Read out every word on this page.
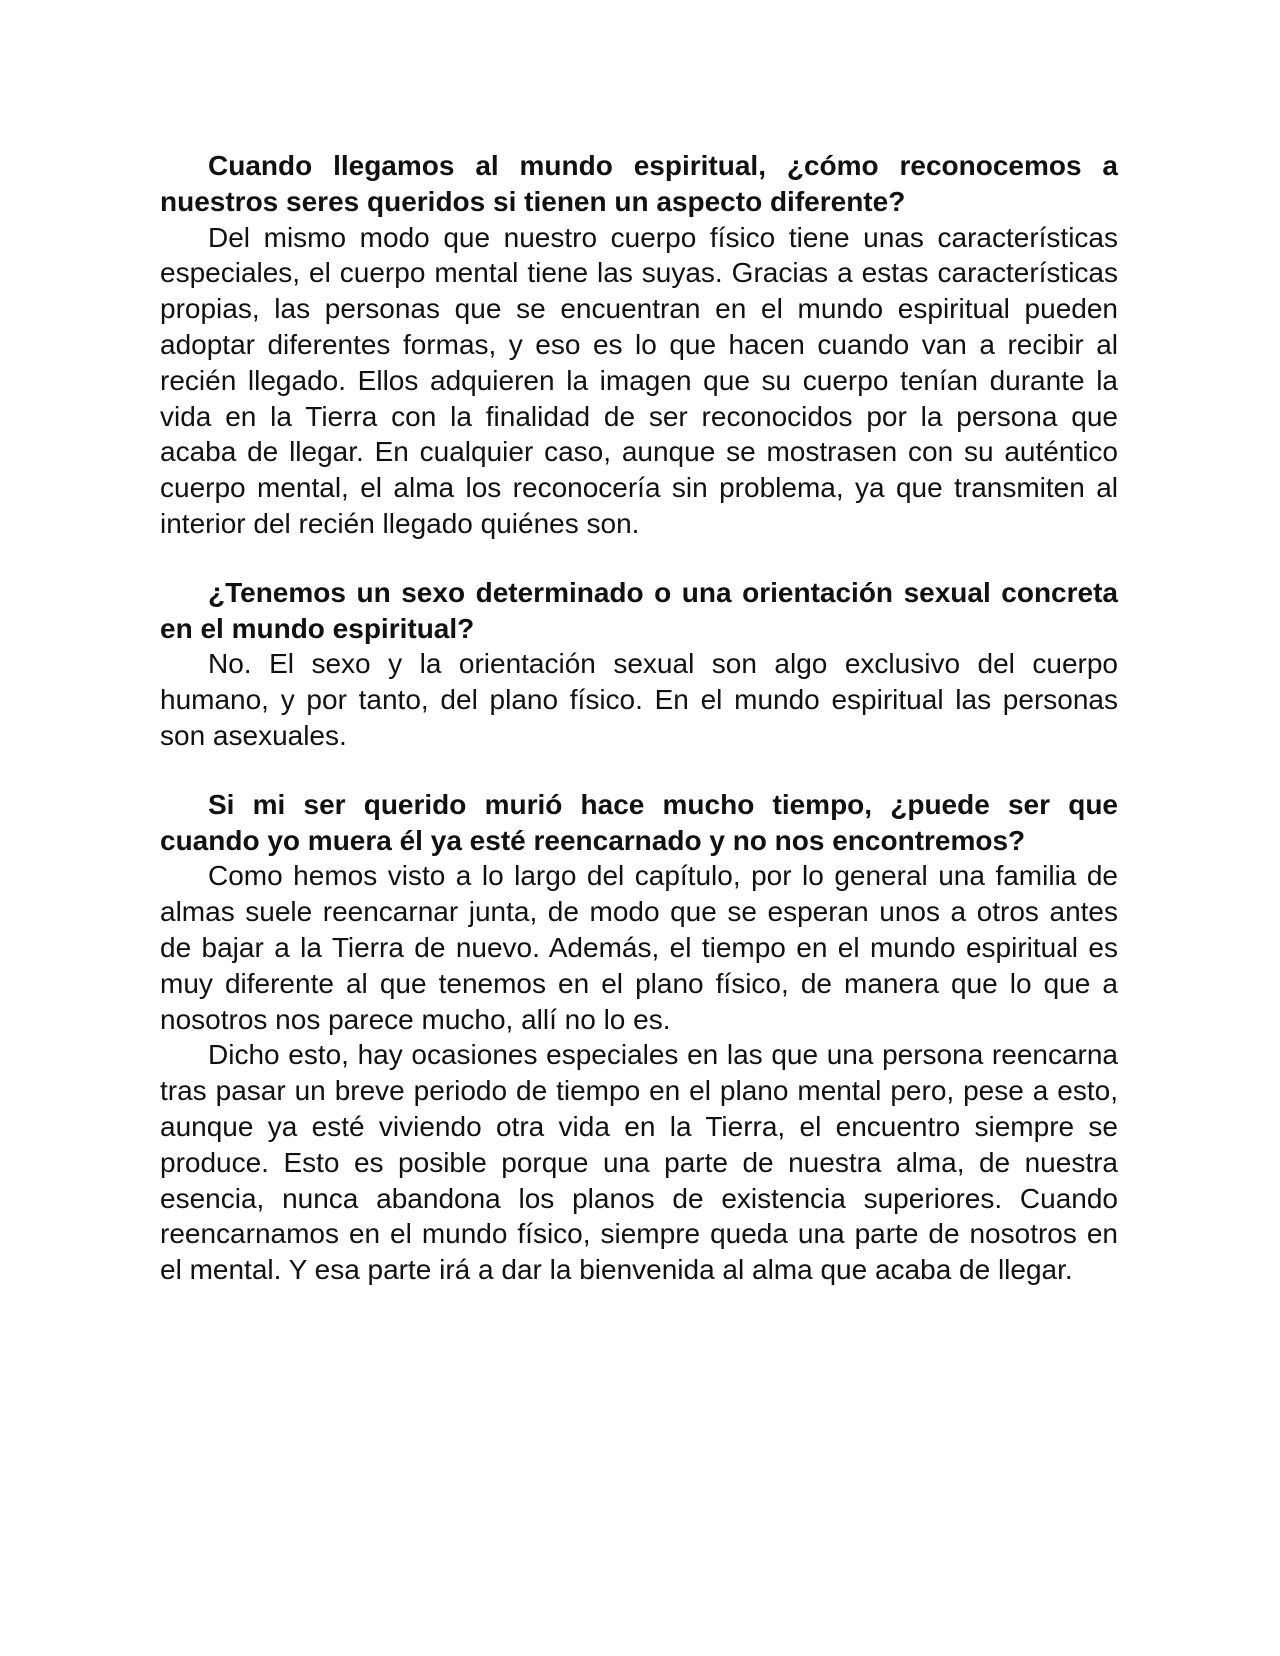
Cuando llegamos al mundo espiritual, ¿cómo reconocemos a nuestros seres queridos si tienen un aspecto diferente?

Del mismo modo que nuestro cuerpo físico tiene unas características especiales, el cuerpo mental tiene las suyas. Gracias a estas características propias, las personas que se encuentran en el mundo espiritual pueden adoptar diferentes formas, y eso es lo que hacen cuando van a recibir al recién llegado. Ellos adquieren la imagen que su cuerpo tenían durante la vida en la Tierra con la finalidad de ser reconocidos por la persona que acaba de llegar. En cualquier caso, aunque se mostrasen con su auténtico cuerpo mental, el alma los reconocería sin problema, ya que transmiten al interior del recién llegado quiénes son.

¿Tenemos un sexo determinado o una orientación sexual concreta en el mundo espiritual?

No. El sexo y la orientación sexual son algo exclusivo del cuerpo humano, y por tanto, del plano físico. En el mundo espiritual las personas son asexuales.

Si mi ser querido murió hace mucho tiempo, ¿puede ser que cuando yo muera él ya esté reencarnado y no nos encontremos?

Como hemos visto a lo largo del capítulo, por lo general una familia de almas suele reencarnar junta, de modo que se esperan unos a otros antes de bajar a la Tierra de nuevo. Además, el tiempo en el mundo espiritual es muy diferente al que tenemos en el plano físico, de manera que lo que a nosotros nos parece mucho, allí no lo es.

Dicho esto, hay ocasiones especiales en las que una persona reencarna tras pasar un breve periodo de tiempo en el plano mental pero, pese a esto, aunque ya esté viviendo otra vida en la Tierra, el encuentro siempre se produce. Esto es posible porque una parte de nuestra alma, de nuestra esencia, nunca abandona los planos de existencia superiores. Cuando reencarnamos en el mundo físico, siempre queda una parte de nosotros en el mental. Y esa parte irá a dar la bienvenida al alma que acaba de llegar.
